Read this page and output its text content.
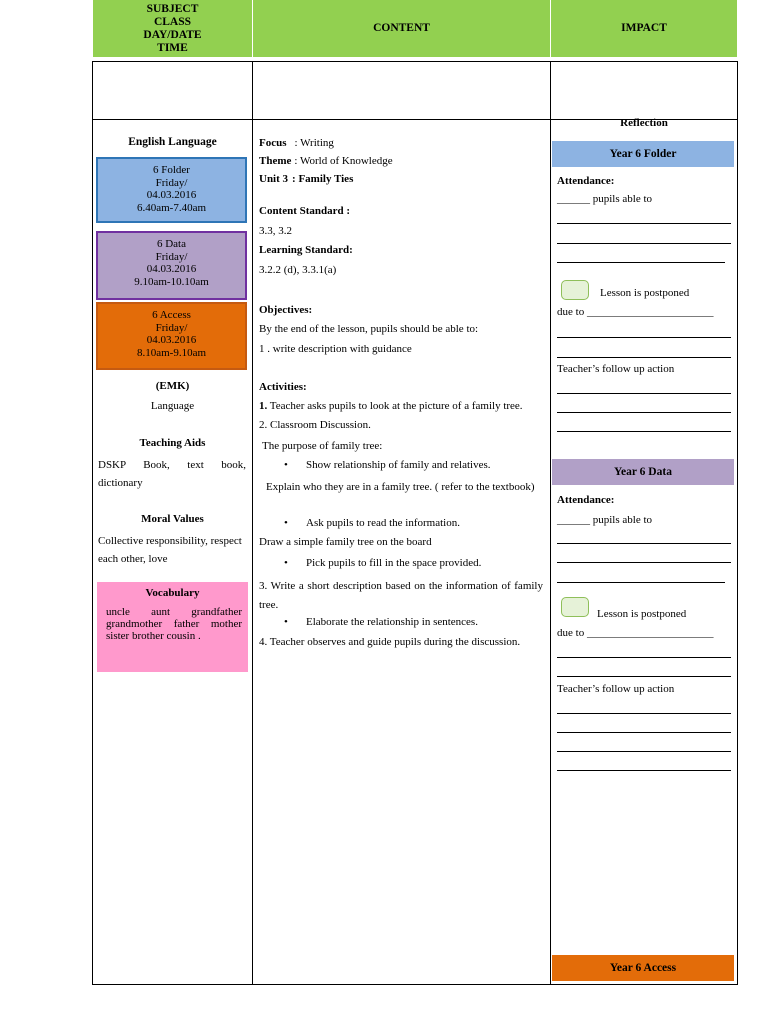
SUBJECT
CLASS
DAY/DATE
TIME
CONTENT	IMPACT
English Language
6 Folder
Friday/
04.03.2016
6.40am-7.40am
6 Data
Friday/
04.03.2016
9.10am-10.10am
6 Access
Friday/
04.03.2016
8.10am-9.10am
(EMK)
Language
Teaching Aids
DSKP Book, text book, dictionary
Moral Values
Collective responsibility, respect each other, love
Vocabulary
uncle aunt grandfather grandmother father mother sister brother cousin .
Focus : Writing
Theme : World of Knowledge
Unit 3 : Family Ties
Content Standard :
3.3, 3.2
Learning Standard:
3.2.2 (d), 3.3.1(a)
Objectives:
By the end of the lesson, pupils should be able to:
1 . write description with guidance
Activities:
1. Teacher asks pupils to look at the picture of a family tree.
2. Classroom Discussion.
The purpose of family tree:
• Show relationship of family and relatives.
Explain who they are in a family tree. ( refer to the textbook)
• Ask pupils to read the information.
Draw a simple family tree on the board
• Pick pupils to fill in the space provided.
3. Write a short description based on the information of family tree.
• Elaborate the relationship in sentences.
4. Teacher observes and guide pupils during the discussion.
Reflection
Year 6 Folder
Attendance:
______ pupils able to
Lesson is postponed
due to _______________________
Teacher’s follow up action
Year 6 Data
Attendance:
______ pupils able to
Lesson is postponed
due to _______________________
Teacher’s follow up action
Year 6 Access
